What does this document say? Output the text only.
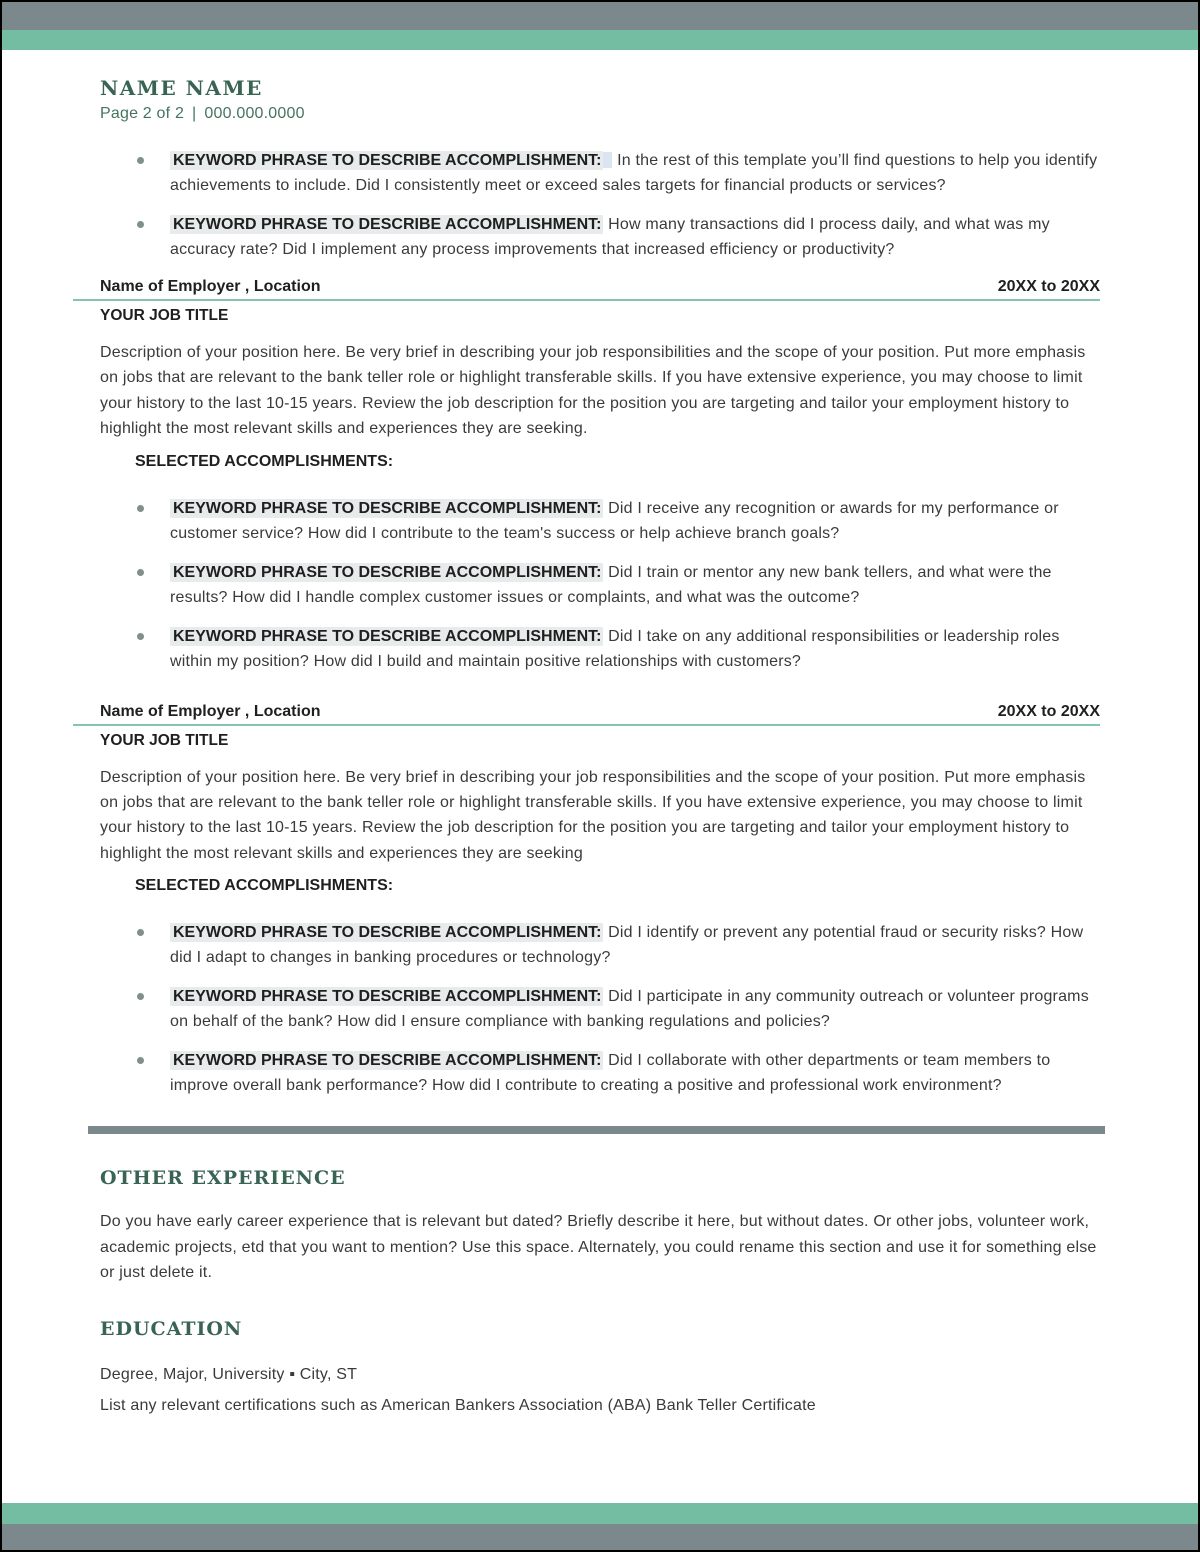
NAME NAME
Page 2 of 2 | 000.000.0000
KEYWORD PHRASE TO DESCRIBE ACCOMPLISHMENT: In the rest of this template you’ll find questions to help you identify achievements to include. Did I consistently meet or exceed sales targets for financial products or services?
KEYWORD PHRASE TO DESCRIBE ACCOMPLISHMENT: How many transactions did I process daily, and what was my accuracy rate? Did I implement any process improvements that increased efficiency or productivity?
Name of Employer , Location	20XX to 20XX
YOUR JOB TITLE

Description of your position here. Be very brief in describing your job responsibilities and the scope of your position. Put more emphasis on jobs that are relevant to the bank teller role or highlight transferable skills. If you have extensive experience, you may choose to limit your history to the last 10-15 years. Review the job description for the position you are targeting and tailor your employment history to highlight the most relevant skills and experiences they are seeking.

SELECTED ACCOMPLISHMENTS:
KEYWORD PHRASE TO DESCRIBE ACCOMPLISHMENT: Did I receive any recognition or awards for my performance or customer service? How did I contribute to the team's success or help achieve branch goals?
KEYWORD PHRASE TO DESCRIBE ACCOMPLISHMENT: Did I train or mentor any new bank tellers, and what were the results? How did I handle complex customer issues or complaints, and what was the outcome?
KEYWORD PHRASE TO DESCRIBE ACCOMPLISHMENT: Did I take on any additional responsibilities or leadership roles within my position? How did I build and maintain positive relationships with customers?
Name of Employer , Location	20XX to 20XX
YOUR JOB TITLE

Description of your position here. Be very brief in describing your job responsibilities and the scope of your position. Put more emphasis on jobs that are relevant to the bank teller role or highlight transferable skills. If you have extensive experience, you may choose to limit your history to the last 10-15 years. Review the job description for the position you are targeting and tailor your employment history to highlight the most relevant skills and experiences they are seeking

SELECTED ACCOMPLISHMENTS:
KEYWORD PHRASE TO DESCRIBE ACCOMPLISHMENT: Did I identify or prevent any potential fraud or security risks? How did I adapt to changes in banking procedures or technology?
KEYWORD PHRASE TO DESCRIBE ACCOMPLISHMENT: Did I participate in any community outreach or volunteer programs on behalf of the bank? How did I ensure compliance with banking regulations and policies?
KEYWORD PHRASE TO DESCRIBE ACCOMPLISHMENT: Did I collaborate with other departments or team members to improve overall bank performance? How did I contribute to creating a positive and professional work environment?
OTHER EXPERIENCE

Do you have early career experience that is relevant but dated? Briefly describe it here, but without dates. Or other jobs, volunteer work, academic projects, etd that you want to mention? Use this space. Alternately, you could rename this section and use it for something else or just delete it.

EDUCATION

Degree, Major, University ▪ City, ST

List any relevant certifications such as American Bankers Association (ABA) Bank Teller Certificate
